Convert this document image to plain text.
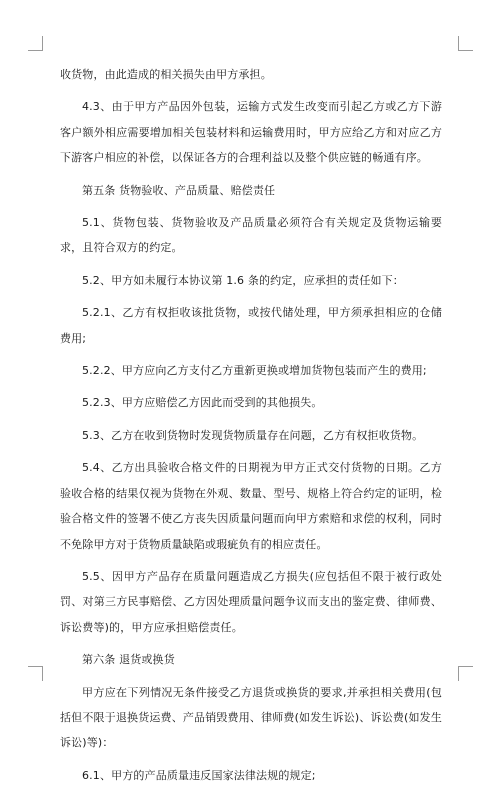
收货物，由此造成的相关损失由甲方承担。

4.3、由于甲方产品因外包装，运输方式发生改变而引起乙方或乙方下游客户额外相应需要增加相关包装材料和运输费用时，甲方应给乙方和对应乙方下游客户相应的补偿，以保证各方的合理利益以及整个供应链的畅通有序。

第五条 货物验收、产品质量、赔偿责任

5.1、货物包装、货物验收及产品质量必须符合有关规定及货物运输要求，且符合双方的约定。

5.2、甲方如未履行本协议第 1.6 条的约定，应承担的责任如下：

5.2.1、乙方有权拒收该批货物，或按代储处理，甲方须承担相应的仓储费用;

5.2.2、甲方应向乙方支付乙方重新更换或增加货物包装而产生的费用;

5.2.3、甲方应赔偿乙方因此而受到的其他损失。

5.3、乙方在收到货物时发现货物质量存在问题，乙方有权拒收货物。

5.4、乙方出具验收合格文件的日期视为甲方正式交付货物的日期。乙方验收合格的结果仅视为货物在外观、数量、型号、规格上符合约定的证明，检验合格文件的签署不使乙方丧失因质量问题而向甲方索赔和求偿的权利，同时不免除甲方对于货物质量缺陷或瑕疵负有的相应责任。

5.5、因甲方产品存在质量问题造成乙方损失(应包括但不限于被行政处罚、对第三方民事赔偿、乙方因处理质量问题争议而支出的鉴定费、律师费、诉讼费等)的，甲方应承担赔偿责任。

第六条 退货或换货

甲方应在下列情况无条件接受乙方退货或换货的要求,并承担相关费用(包括但不限于退换货运费、产品销毁费用、律师费(如发生诉讼)、诉讼费(如发生诉讼)等)：

6.1、甲方的产品质量违反国家法律法规的规定;
